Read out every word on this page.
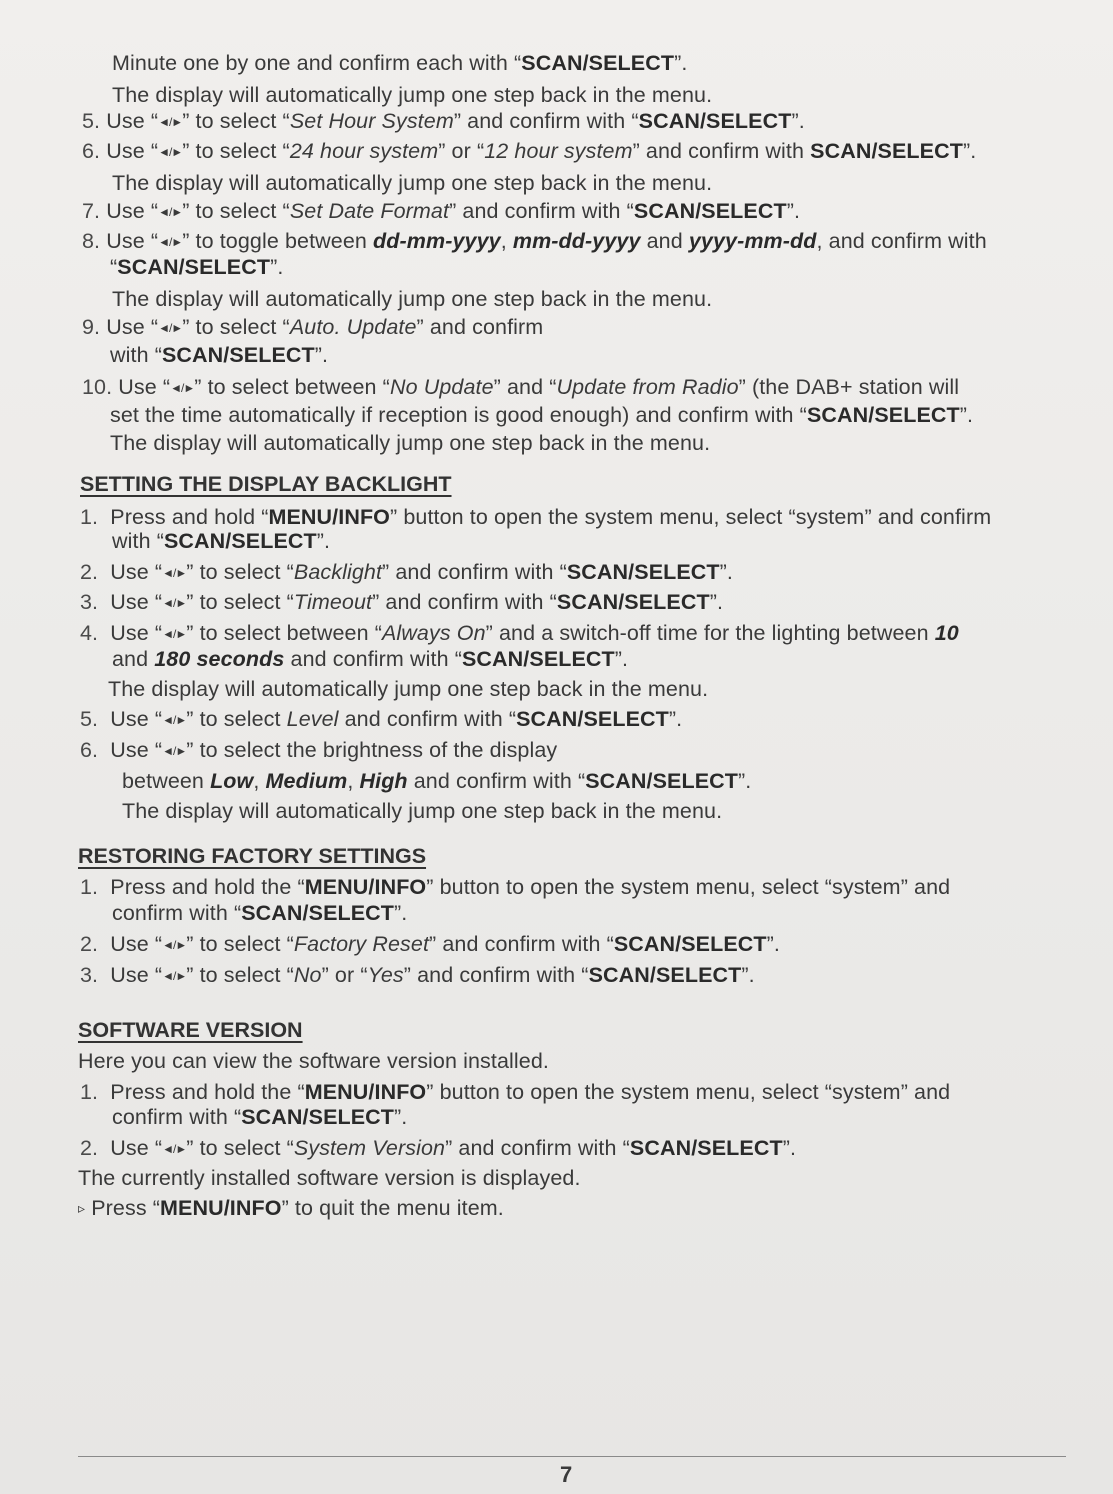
Minute one by one and confirm each with “SCAN/SELECT”.
The display will automatically jump one step back in the menu.
5. Use “◄/►” to select “Set Hour System” and confirm with “SCAN/SELECT”.
6. Use “◄/►” to select “24 hour system” or “12 hour system” and confirm with SCAN/SELECT”.
The display will automatically jump one step back in the menu.
7. Use “◄/►” to select “Set Date Format” and confirm with “SCAN/SELECT”.
8. Use “◄/►” to toggle between dd-mm-yyyy, mm-dd-yyyy and yyyy-mm-dd, and confirm with
“SCAN/SELECT”.
The display will automatically jump one step back in the menu.
9. Use “◄/►” to select “Auto. Update” and confirm
with “SCAN/SELECT”.
10. Use “◄/►” to select between “No Update” and “Update from Radio” (the DAB+ station will
set the time automatically if reception is good enough) and confirm with “SCAN/SELECT”.
The display will automatically jump one step back in the menu.
SETTING THE DISPLAY BACKLIGHT
1. Press and hold “MENU/INFO” button to open the system menu, select “system” and confirm
with “SCAN/SELECT”.
2. Use “◄/►” to select “Backlight” and confirm with “SCAN/SELECT”.
3. Use “◄/►” to select “Timeout” and confirm with “SCAN/SELECT”.
4. Use “◄/►” to select between “Always On” and a switch-off time for the lighting between 10
and 180 seconds and confirm with “SCAN/SELECT”.
The display will automatically jump one step back in the menu.
5. Use “◄/►” to select Level and confirm with “SCAN/SELECT”.
6. Use “◄/►” to select the brightness of the display
between Low, Medium, High and confirm with “SCAN/SELECT”.
The display will automatically jump one step back in the menu.
RESTORING FACTORY SETTINGS
1. Press and hold the “MENU/INFO” button to open the system menu, select “system” and
confirm with “SCAN/SELECT”.
2. Use “◄/►” to select “Factory Reset” and confirm with “SCAN/SELECT”.
3. Use “◄/►” to select “No” or “Yes” and confirm with “SCAN/SELECT”.
SOFTWARE VERSION
Here you can view the software version installed.
1. Press and hold the “MENU/INFO” button to open the system menu, select “system” and
confirm with “SCAN/SELECT”.
2. Use “◄/►” to select “System Version” and confirm with “SCAN/SELECT”.
The currently installed software version is displayed.
▹ Press “MENU/INFO” to quit the menu item.
7
